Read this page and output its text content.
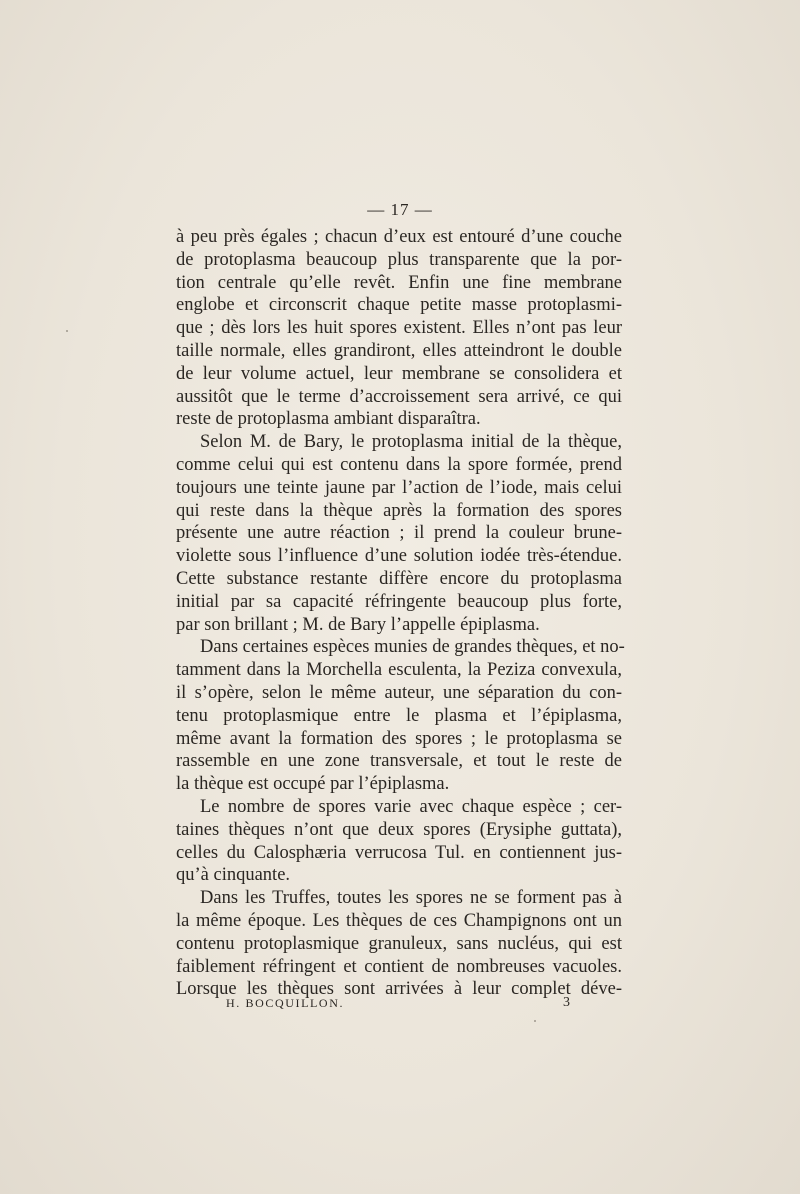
— 17 —
à peu près égales ; chacun d’eux est entouré d’une couche
de protoplasma beaucoup plus transparente que la por-
tion centrale qu’elle revêt. Enfin une fine membrane
englobe et circonscrit chaque petite masse protoplasmi-
que ; dès lors les huit spores existent. Elles n’ont pas leur
taille normale, elles grandiront, elles atteindront le double
de leur volume actuel, leur membrane se consolidera et
aussitôt que le terme d’accroissement sera arrivé, ce qui
reste de protoplasma ambiant disparaîtra.
Selon M. de Bary, le protoplasma initial de la thèque,
comme celui qui est contenu dans la spore formée, prend
toujours une teinte jaune par l’action de l’iode, mais celui
qui reste dans la thèque après la formation des spores
présente une autre réaction ; il prend la couleur brune-
violette sous l’influence d’une solution iodée très-étendue.
Cette substance restante diffère encore du protoplasma
initial par sa capacité réfringente beaucoup plus forte,
par son brillant ; M. de Bary l’appelle épiplasma.
Dans certaines espèces munies de grandes thèques, et no-
tamment dans la Morchella esculenta, la Peziza convexula,
il s’opère, selon le même auteur, une séparation du con-
tenu protoplasmique entre le plasma et l’épiplasma,
même avant la formation des spores ; le protoplasma se
rassemble en une zone transversale, et tout le reste de
la thèque est occupé par l’épiplasma.
Le nombre de spores varie avec chaque espèce ; cer-
taines thèques n’ont que deux spores (Erysiphe guttata),
celles du Calosphæria verrucosa Tul. en contiennent jus-
qu’à cinquante.
Dans les Truffes, toutes les spores ne se forment pas à
la même époque. Les thèques de ces Champignons ont un
contenu protoplasmique granuleux, sans nucléus, qui est
faiblement réfringent et contient de nombreuses vacuoles.
Lorsque les thèques sont arrivées à leur complet déve-
H. BOCQUILLON.	3
